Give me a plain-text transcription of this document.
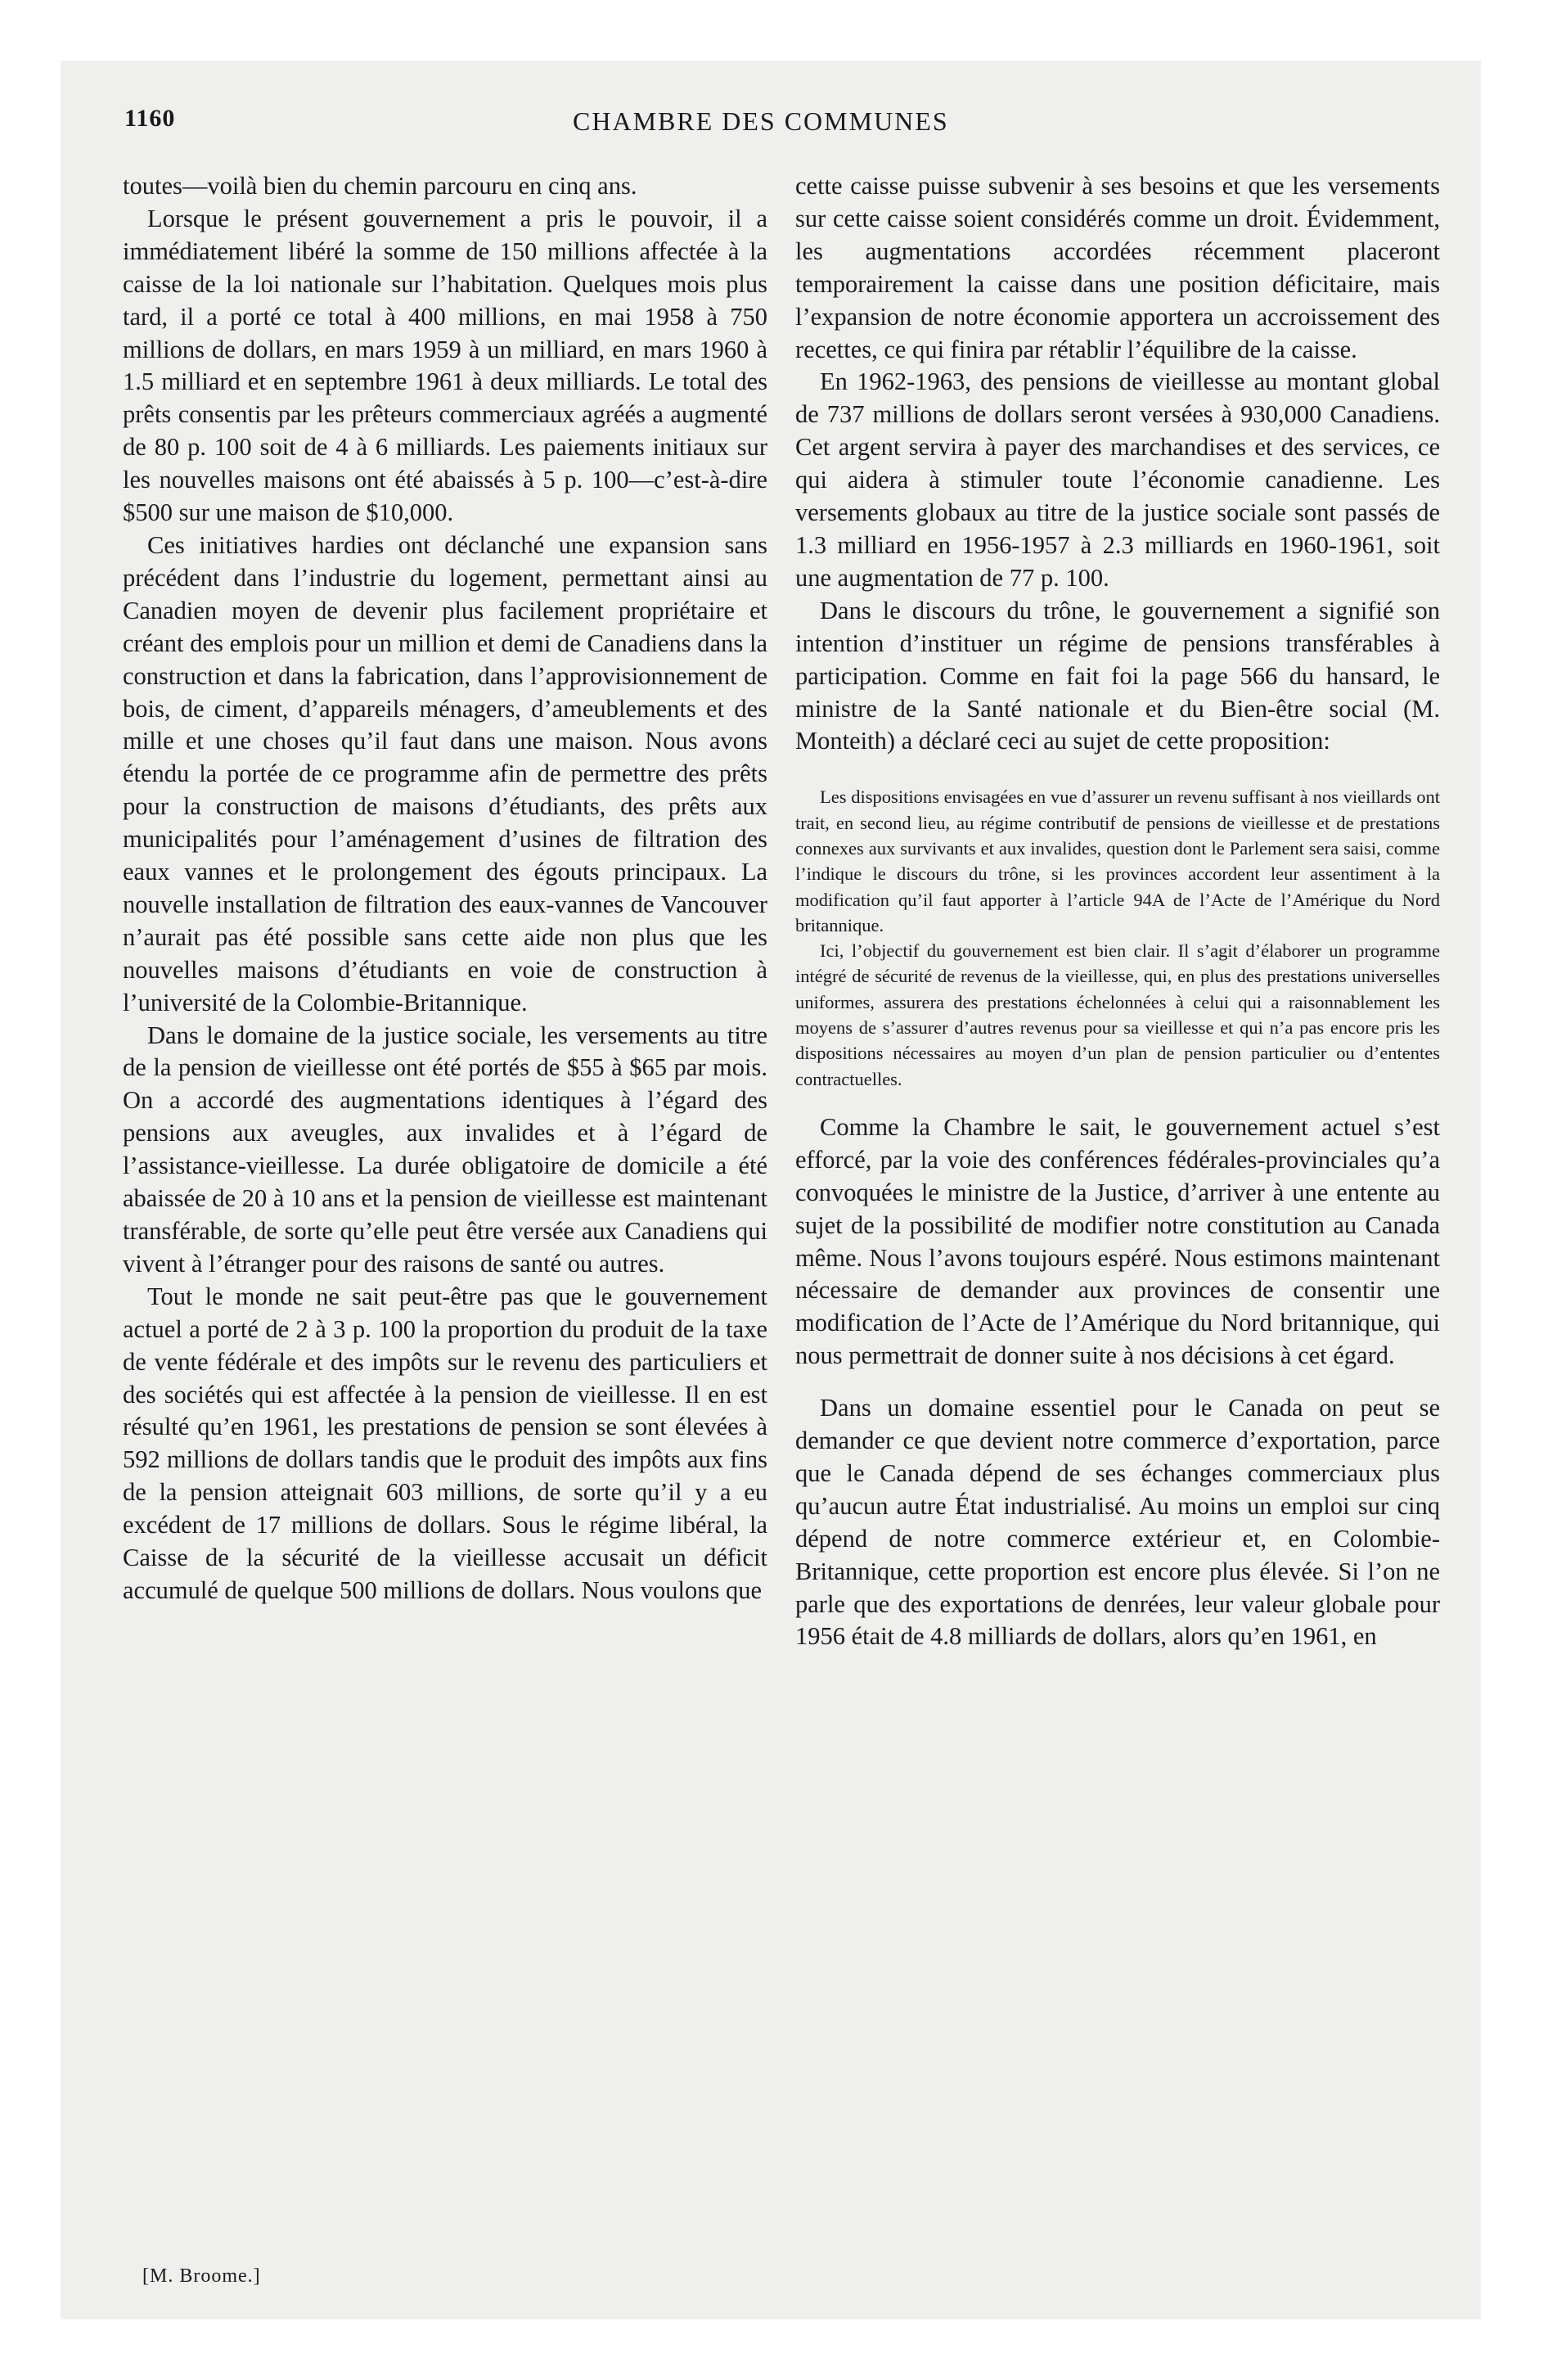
1160	CHAMBRE DES COMMUNES

toutes—voilà bien du chemin parcouru en cinq ans.

Lorsque le présent gouvernement a pris le pouvoir, il a immédiatement libéré la somme de 150 millions affectée à la caisse de la loi nationale sur l’habitation. Quelques mois plus tard, il a porté ce total à 400 millions, en mai 1958 à 750 millions de dollars, en mars 1959 à un milliard, en mars 1960 à 1.5 milliard et en septembre 1961 à deux milliards. Le total des prêts consentis par les prêteurs commerciaux agréés a augmenté de 80 p. 100 soit de 4 à 6 milliards. Les paiements initiaux sur les nouvelles maisons ont été abaissés à 5 p. 100—c’est-à-dire $500 sur une maison de $10,000.

Ces initiatives hardies ont déclanché une expansion sans précédent dans l’industrie du logement, permettant ainsi au Canadien moyen de devenir plus facilement propriétaire et créant des emplois pour un million et demi de Canadiens dans la construction et dans la fabrication, dans l’approvisionnement de bois, de ciment, d’appareils ménagers, d’ameublements et des mille et une choses qu’il faut dans une maison. Nous avons étendu la portée de ce programme afin de permettre des prêts pour la construction de maisons d’étudiants, des prêts aux municipalités pour l’aménagement d’usines de filtration des eaux vannes et le prolongement des égouts principaux. La nouvelle installation de filtration des eaux-vannes de Vancouver n’aurait pas été possible sans cette aide non plus que les nouvelles maisons d’étudiants en voie de construction à l’université de la Colombie-Britannique.

Dans le domaine de la justice sociale, les versements au titre de la pension de vieillesse ont été portés de $55 à $65 par mois. On a accordé des augmentations identiques à l’égard des pensions aux aveugles, aux invalides et à l’égard de l’assistance-vieillesse. La durée obligatoire de domicile a été abaissée de 20 à 10 ans et la pension de vieillesse est maintenant transférable, de sorte qu’elle peut être versée aux Canadiens qui vivent à l’étranger pour des raisons de santé ou autres.

Tout le monde ne sait peut-être pas que le gouvernement actuel a porté de 2 à 3 p. 100 la proportion du produit de la taxe de vente fédérale et des impôts sur le revenu des particuliers et des sociétés qui est affectée à la pension de vieillesse. Il en est résulté qu’en 1961, les prestations de pension se sont élevées à 592 millions de dollars tandis que le produit des impôts aux fins de la pension atteignait 603 millions, de sorte qu’il y a eu excédent de 17 millions de dollars. Sous le régime libéral, la Caisse de la sécurité de la vieillesse accusait un déficit accumulé de quelque 500 millions de dollars. Nous voulons que

cette caisse puisse subvenir à ses besoins et que les versements sur cette caisse soient considérés comme un droit. Évidemment, les augmentations accordées récemment placeront temporairement la caisse dans une position déficitaire, mais l’expansion de notre économie apportera un accroissement des recettes, ce qui finira par rétablir l’équilibre de la caisse.

En 1962-1963, des pensions de vieillesse au montant global de 737 millions de dollars seront versées à 930,000 Canadiens. Cet argent servira à payer des marchandises et des services, ce qui aidera à stimuler toute l’économie canadienne. Les versements globaux au titre de la justice sociale sont passés de 1.3 milliard en 1956-1957 à 2.3 milliards en 1960-1961, soit une augmentation de 77 p. 100.

Dans le discours du trône, le gouvernement a signifié son intention d’instituer un régime de pensions transférables à participation. Comme en fait foi la page 566 du hansard, le ministre de la Santé nationale et du Bien-être social (M. Monteith) a déclaré ceci au sujet de cette proposition:

Les dispositions envisagées en vue d’assurer un revenu suffisant à nos vieillards ont trait, en second lieu, au régime contributif de pensions de vieillesse et de prestations connexes aux survivants et aux invalides, question dont le Parlement sera saisi, comme l’indique le discours du trône, si les provinces accordent leur assentiment à la modification qu’il faut apporter à l’article 94A de l’Acte de l’Amérique du Nord britannique.

Ici, l’objectif du gouvernement est bien clair. Il s’agit d’élaborer un programme intégré de sécurité de revenus de la vieillesse, qui, en plus des prestations universelles uniformes, assurera des prestations échelonnées à celui qui a raisonnablement les moyens de s’assurer d’autres revenus pour sa vieillesse et qui n’a pas encore pris les dispositions nécessaires au moyen d’un plan de pension particulier ou d’ententes contractuelles.

Comme la Chambre le sait, le gouvernement actuel s’est efforcé, par la voie des conférences fédérales-provinciales qu’a convoquées le ministre de la Justice, d’arriver à une entente au sujet de la possibilité de modifier notre constitution au Canada même. Nous l’avons toujours espéré. Nous estimons maintenant nécessaire de demander aux provinces de consentir une modification de l’Acte de l’Amérique du Nord britannique, qui nous permettrait de donner suite à nos décisions à cet égard.

Dans un domaine essentiel pour le Canada on peut se demander ce que devient notre commerce d’exportation, parce que le Canada dépend de ses échanges commerciaux plus qu’aucun autre État industrialisé. Au moins un emploi sur cinq dépend de notre commerce extérieur et, en Colombie-Britannique, cette proportion est encore plus élevée. Si l’on ne parle que des exportations de denrées, leur valeur globale pour 1956 était de 4.8 milliards de dollars, alors qu’en 1961, en

[M. Broome.]
